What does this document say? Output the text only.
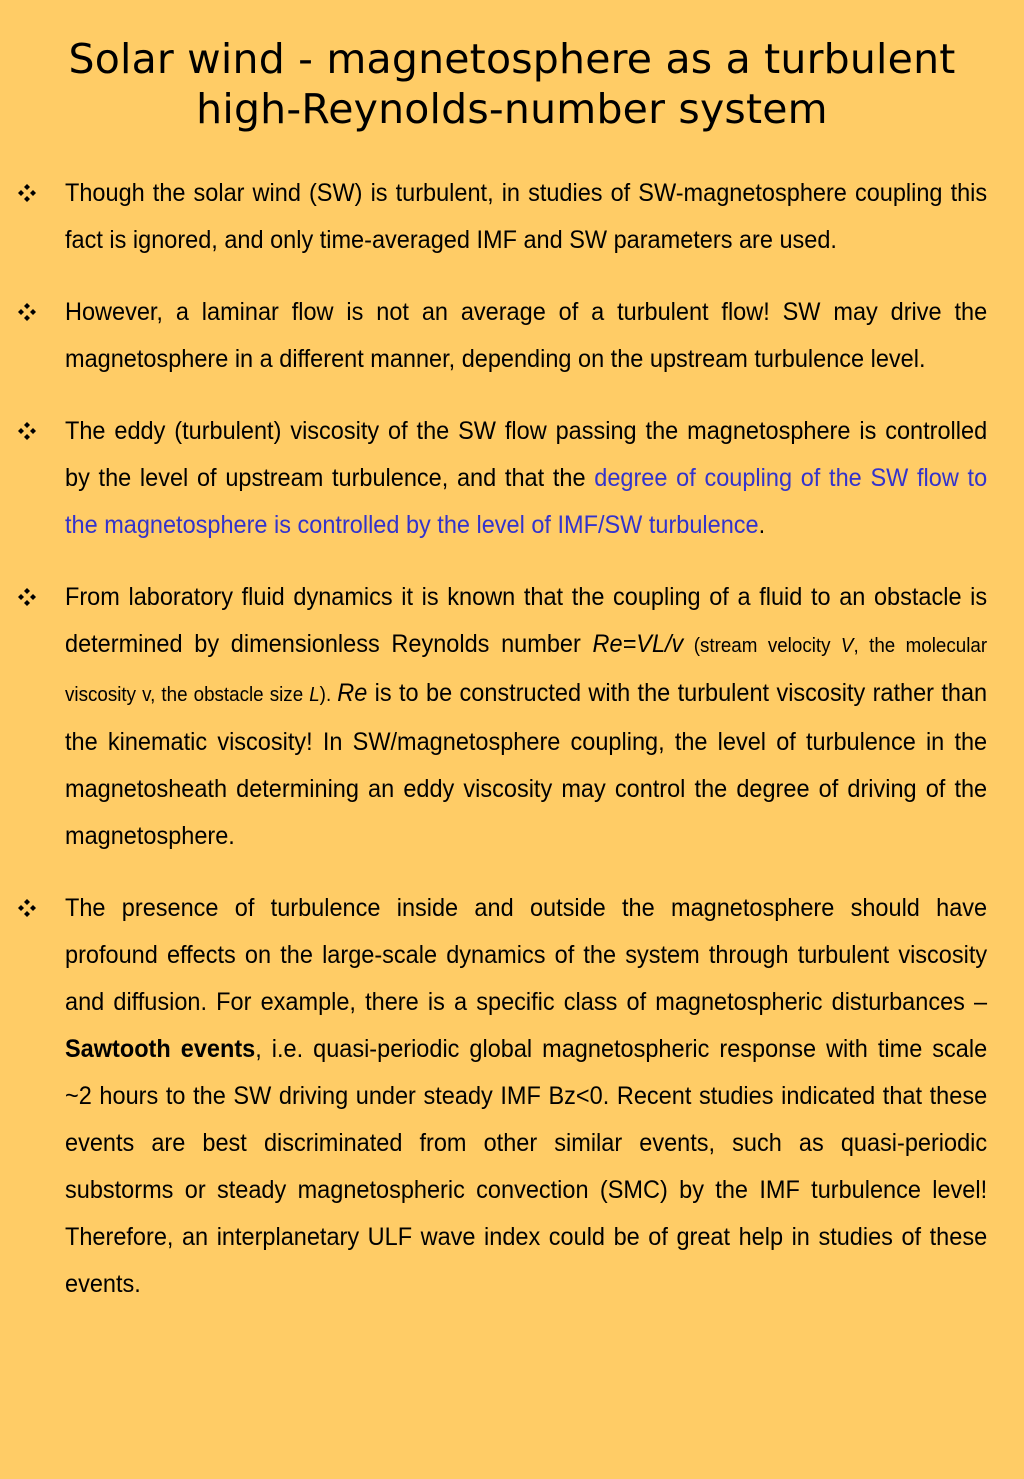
Solar wind - magnetosphere as a turbulent
high-Reynolds-number system
Though the solar wind (SW) is turbulent, in studies of SW-magnetosphere coupling this fact is ignored, and only time-averaged IMF and SW parameters are used.
However, a laminar flow is not an average of a turbulent flow! SW may drive the magnetosphere in a different manner, depending on the upstream turbulence level.
The eddy (turbulent) viscosity of the SW flow passing the magnetosphere is controlled by the level of upstream turbulence, and that the degree of coupling of the SW flow to the magnetosphere is controlled by the level of IMF/SW turbulence.
From laboratory fluid dynamics it is known that the coupling of a fluid to an obstacle is determined by dimensionless Reynolds number Re=VL/v (stream velocity V, the molecular viscosity v, the obstacle size L). Re is to be constructed with the turbulent viscosity rather than the kinematic viscosity! In SW/magnetosphere coupling, the level of turbulence in the magnetosheath determining an eddy viscosity may control the degree of driving of the magnetosphere.
The presence of turbulence inside and outside the magnetosphere should have profound effects on the large-scale dynamics of the system through turbulent viscosity and diffusion. For example, there is a specific class of magnetospheric disturbances – Sawtooth events, i.e. quasi-periodic global magnetospheric response with time scale ~2 hours to the SW driving under steady IMF Bz<0. Recent studies indicated that these events are best discriminated from other similar events, such as quasi-periodic substorms or steady magnetospheric convection (SMC) by the IMF turbulence level! Therefore, an interplanetary ULF wave index could be of great help in studies of these events.
